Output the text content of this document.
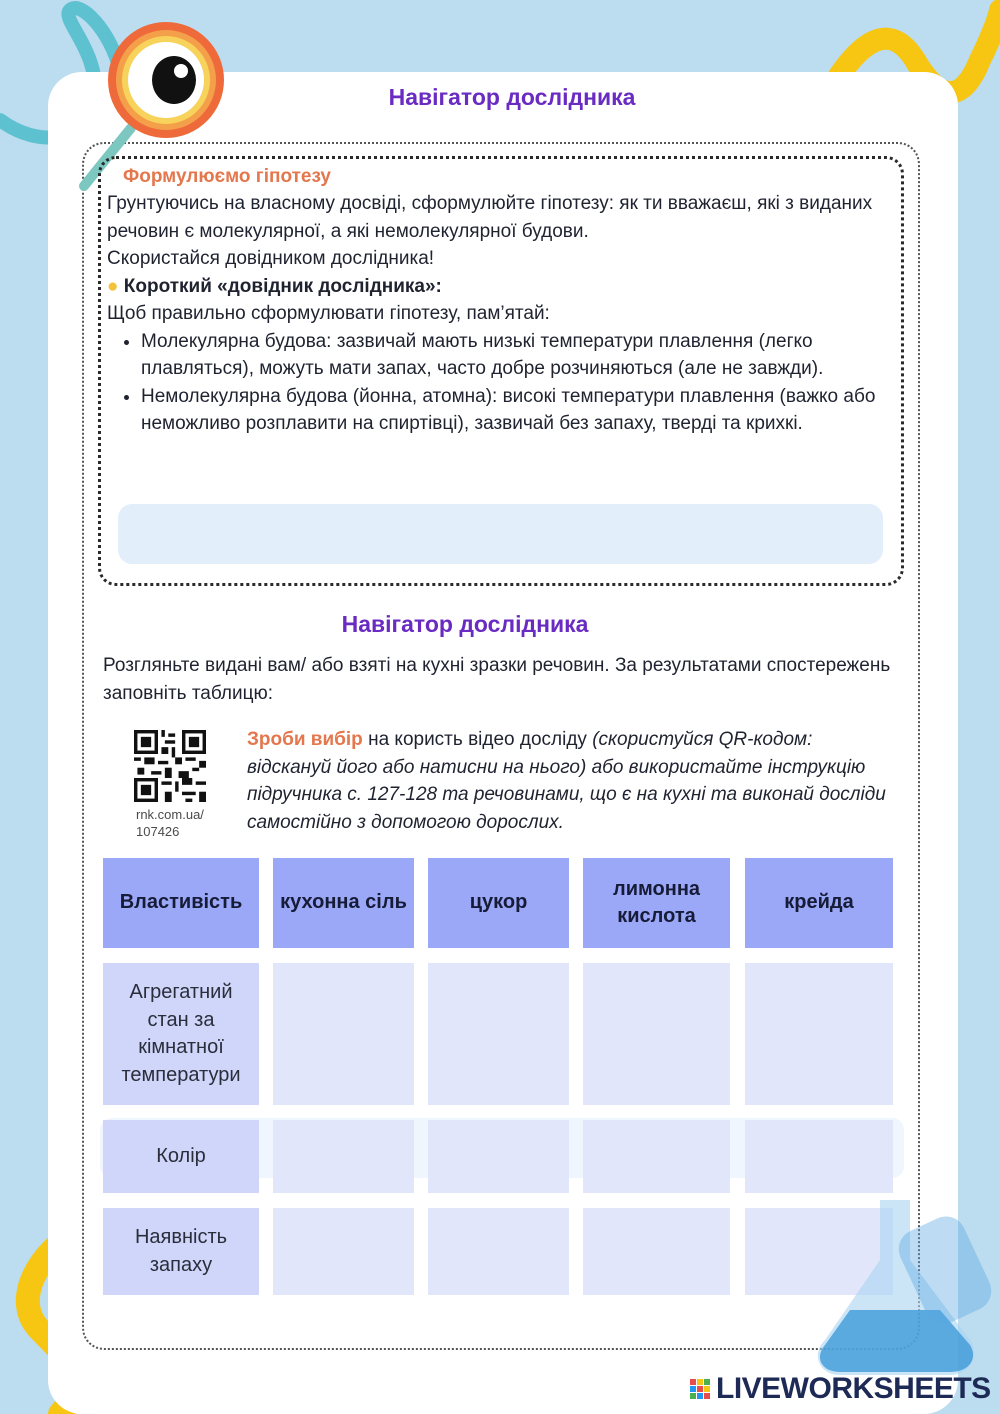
Навігатор дослідника
Формулюємо гіпотезу
Грунтуючись на власному досвіді, сформулюйте гіпотезу: як ти вважаєш, які з виданих речовин є молекулярної, а які немолекулярної будови.
Скористайся довідником дослідника!
● Короткий «довідник дослідника»:
Щоб правильно сформулювати гіпотезу, пам’ятай:
• Молекулярна будова: зазвичай мають низькі температури плавлення (легко плавляться), можуть мати запах, часто добре розчиняються (але не завжди).
• Немолекулярна будова (йонна, атомна): високі температури плавлення (важко або неможливо розплавити на спиртівці), зазвичай без запаху, тверді та крихкі.
Навігатор дослідника
Розгляньте видані вам/ або взяті на кухні зразки речовин. За результатами спостережень заповніть таблицю:
rnk.com.ua/
107426
Зроби вибір на користь відео досліду (скористуйся QR-кодом: відскануй його або натисни на нього) або використайте інструкцію підручника с. 127-128 та речовинами, що є на кухні та виконай досліди самостійно з допомогою дорослих.
Властивість	кухонна сіль	цукор
лимонна кислота
крейда
Агрегатний стан за кімнатної температури
Колір
Наявність запаху
LIVEWORKSHEETS
